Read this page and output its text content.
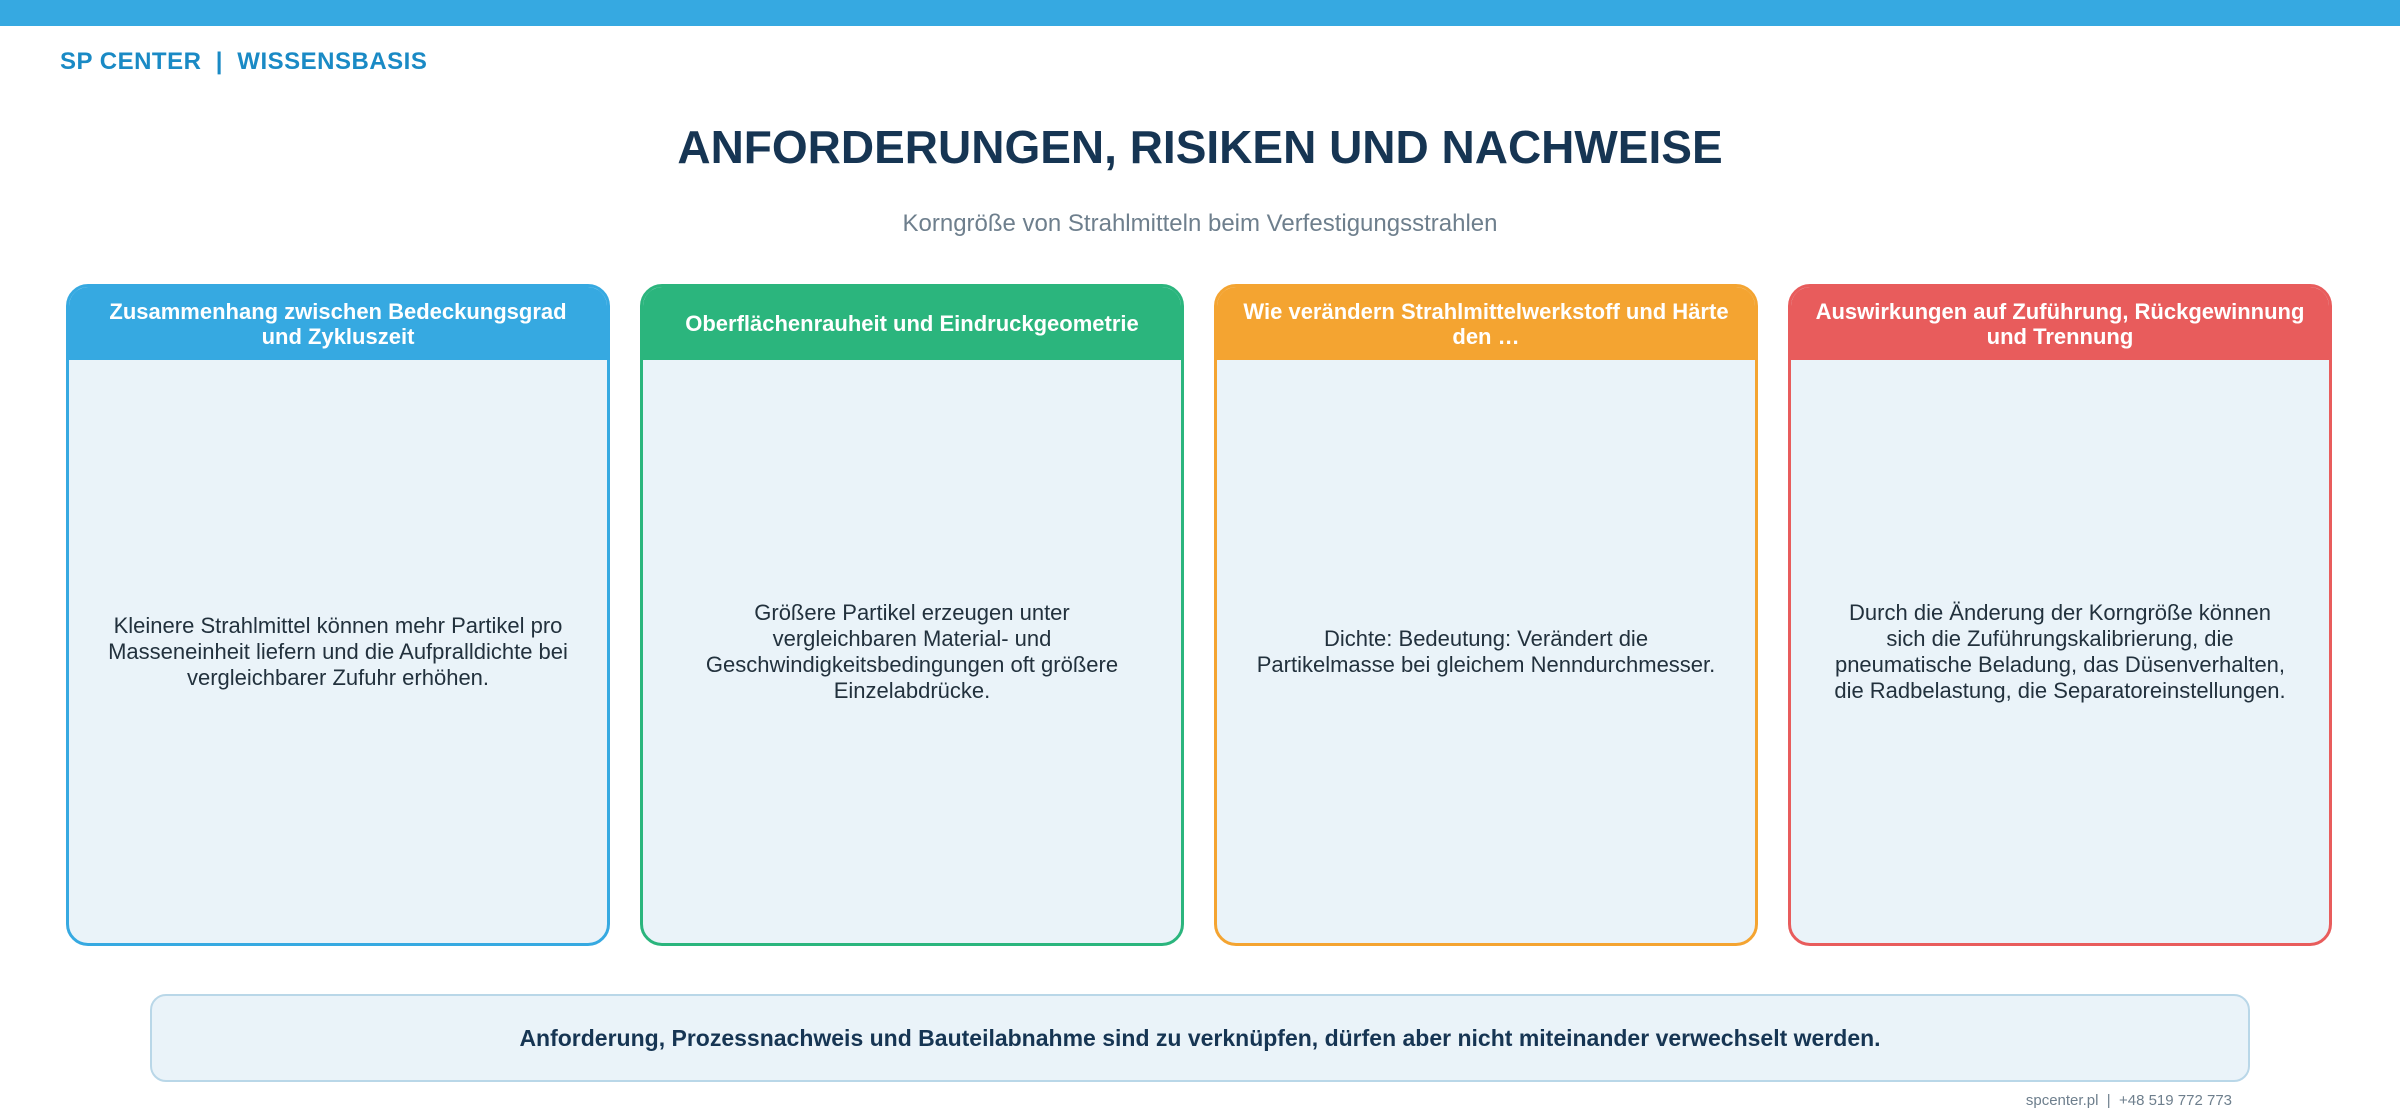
SP CENTER  |  WISSENSBASIS
ANFORDERUNGEN, RISIKEN UND NACHWEISE
Korngröße von Strahlmitteln beim Verfestigungsstrahlen
Zusammenhang zwischen Bedeckungsgrad und Zykluszeit
Kleinere Strahlmittel können mehr Partikel pro Masseneinheit liefern und die Aufpralldichte bei vergleichbarer Zufuhr erhöhen.
Oberflächenrauheit und Eindruckgeometrie
Größere Partikel erzeugen unter vergleichbaren Material- und Geschwindigkeitsbedingungen oft größere Einzelabdrücke.
Wie verändern Strahlmittelwerkstoff und Härte den …
Dichte: Bedeutung: Verändert die Partikelmasse bei gleichem Nenndurchmesser.
Auswirkungen auf Zuführung, Rückgewinnung und Trennung
Durch die Änderung der Korngröße können sich die Zuführungskalibrierung, die pneumatische Beladung, das Düsenverhalten, die Radbelastung, die Separatoreinstellungen.
Anforderung, Prozessnachweis und Bauteilabnahme sind zu verknüpfen, dürfen aber nicht miteinander verwechselt werden.
spcenter.pl  |  +48 519 772 773
